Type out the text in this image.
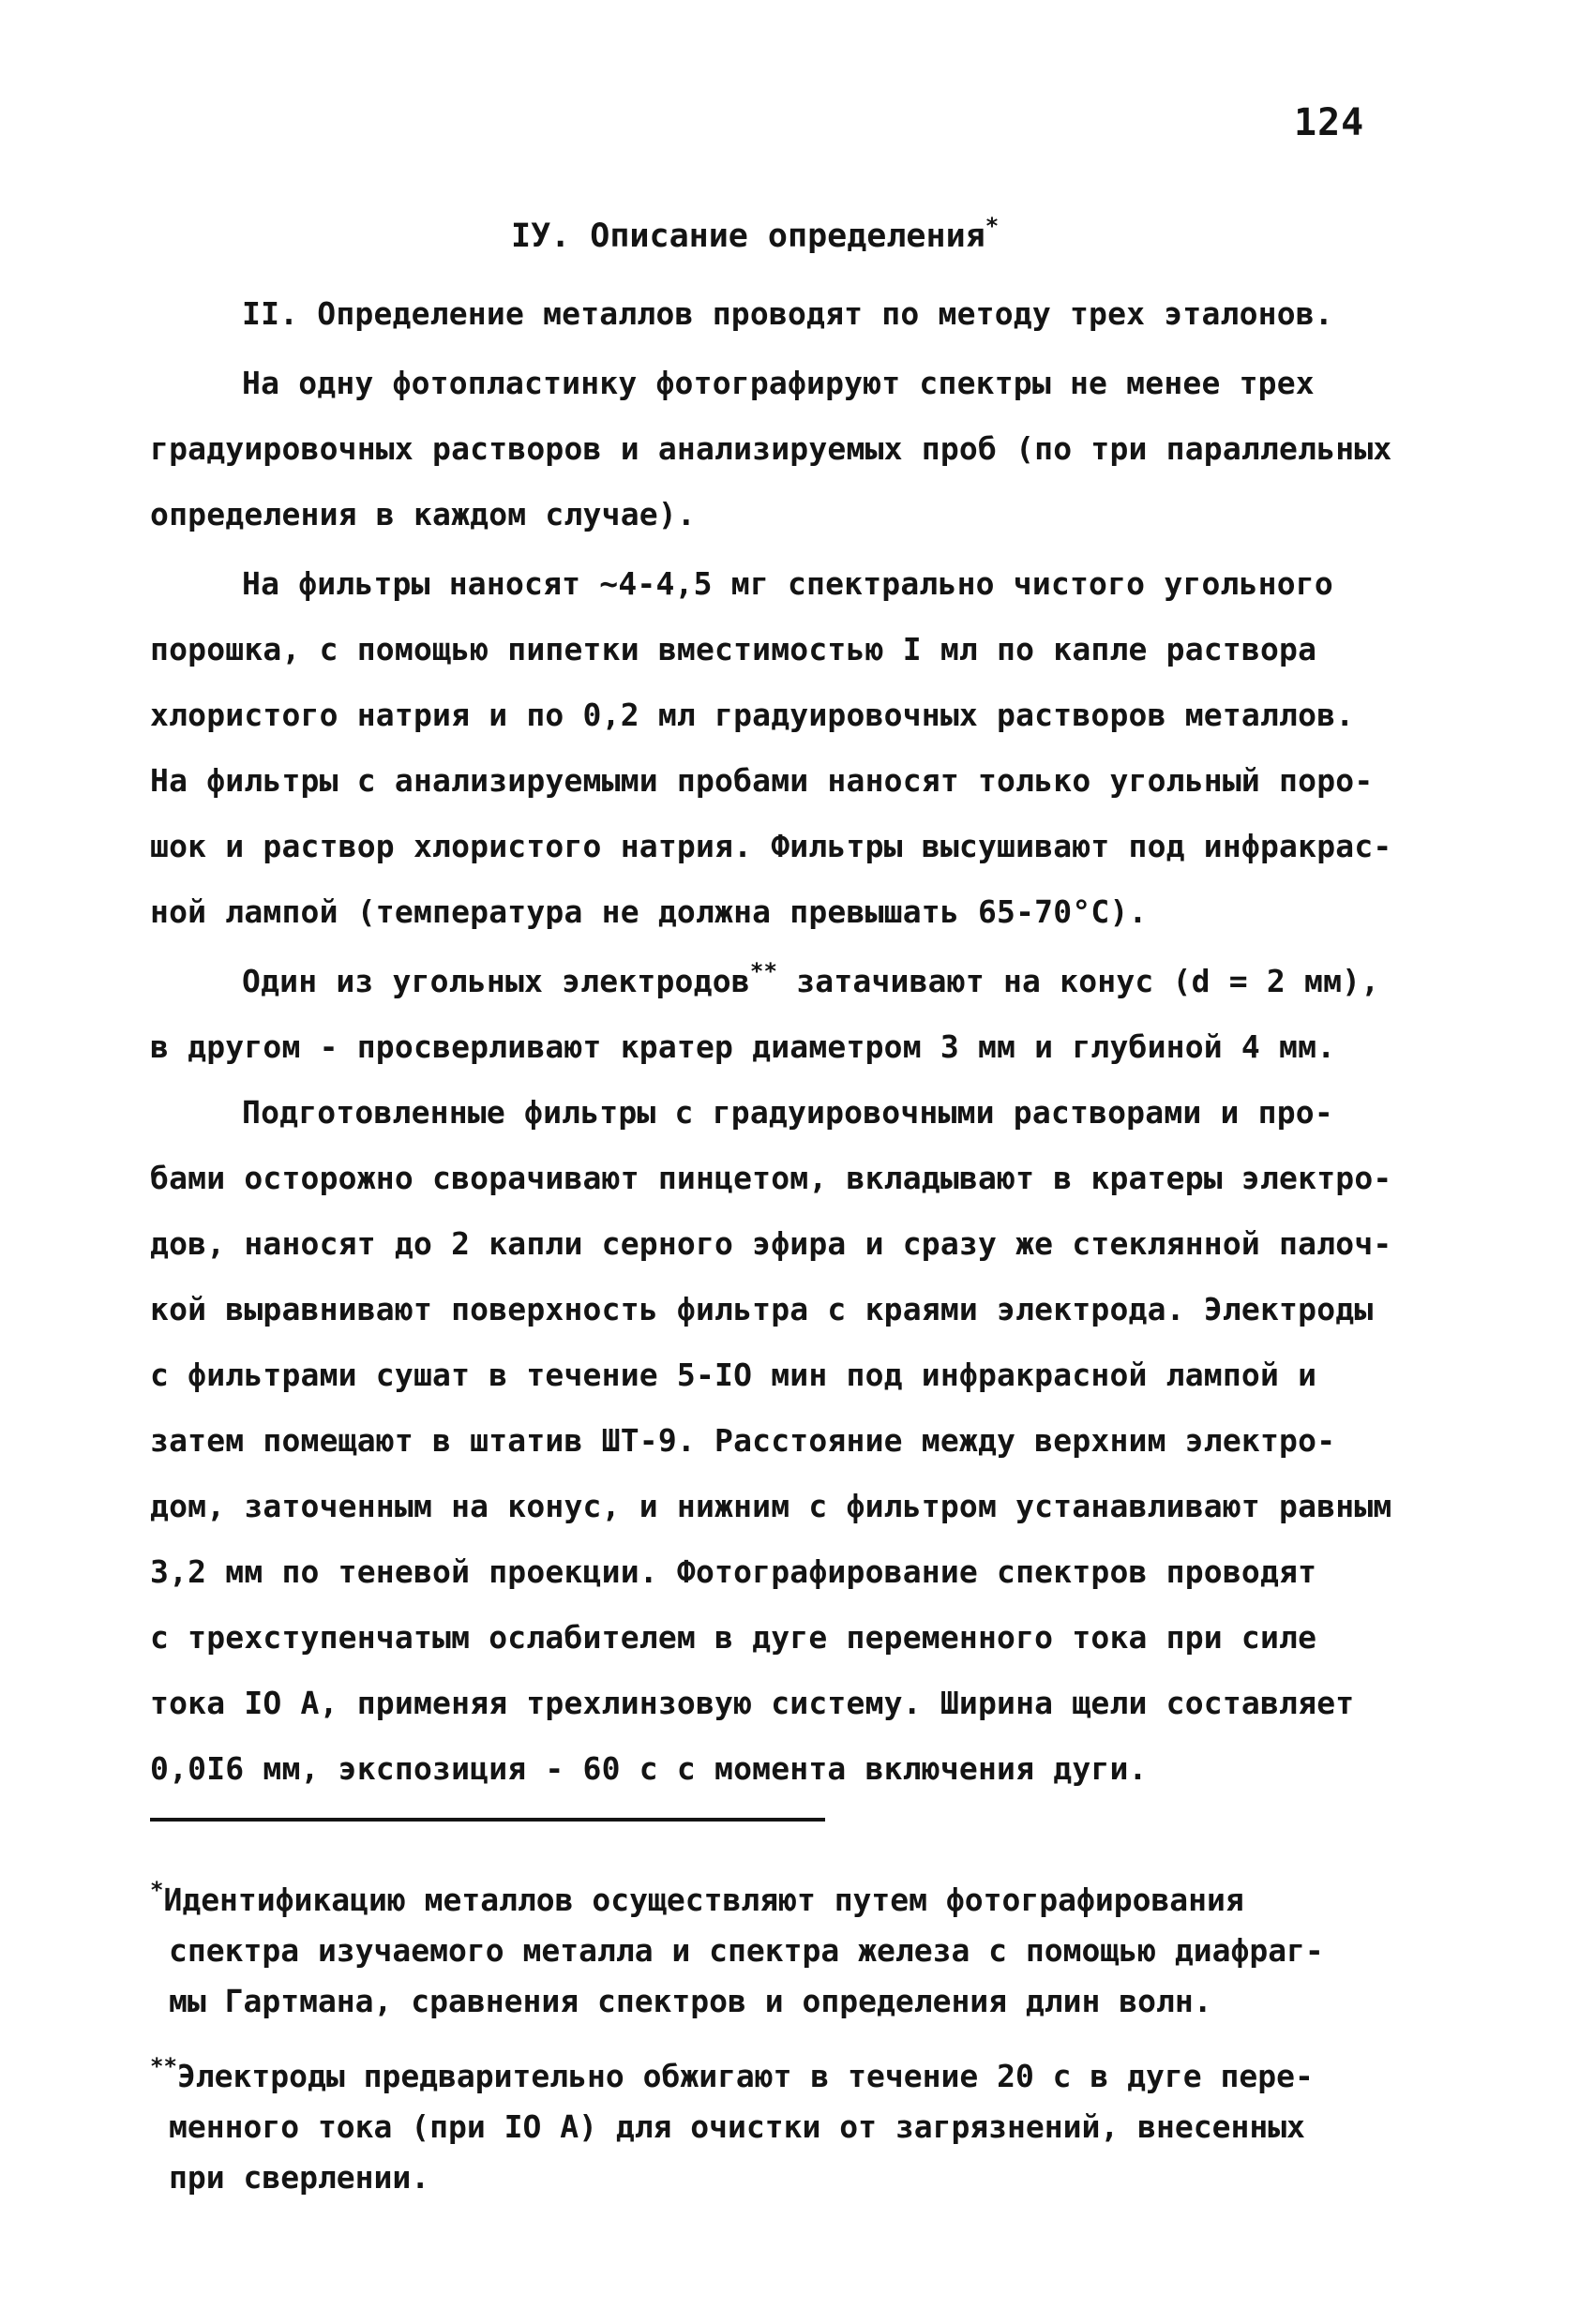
124
IУ. Описание определения*
II. Определение металлов проводят по методу трех эталонов.
На одну фотопластинку фотографируют спектры не менее трех
градуировочных растворов и анализируемых проб (по три параллельных
определения в каждом случае).
На фильтры наносят ~4-4,5 мг спектрально чистого угольного
порошка, с помощью пипетки вместимостью I мл по капле раствора
хлористого натрия и по 0,2 мл градуировочных растворов металлов.
На фильтры с анализируемыми пробами наносят только угольный поро-
шок и раствор хлористого натрия. Фильтры высушивают под инфракрас-
ной лампой (температура не должна превышать 65-70°С).
Один из угольных электродов** затачивают на конус (d = 2 мм),
в другом - просверливают кратер диаметром 3 мм и глубиной 4 мм.
Подготовленные фильтры с градуировочными растворами и про-
бами осторожно сворачивают пинцетом, вкладывают в кратеры электро-
дов, наносят до 2 капли серного эфира и сразу же стеклянной палоч-
кой выравнивают поверхность фильтра с краями электрода. Электроды
с фильтрами сушат в течение 5-IO мин под инфракрасной лампой и
затем помещают в штатив ШТ-9. Расстояние между верхним электро-
дом, заточенным на конус, и нижним с фильтром устанавливают равным
3,2 мм по теневой проекции. Фотографирование спектров проводят
с трехступенчатым ослабителем в дуге переменного тока при силе
тока IO А, применяя трехлинзовую систему. Ширина щели составляет
0,0I6 мм, экспозиция - 60 с с момента включения дуги.
*Идентификацию металлов осуществляют путем фотографирования
спектра изучаемого металла и спектра железа с помощью диафраг-
мы Гартмана, сравнения спектров и определения длин волн.
**Электроды предварительно обжигают в течение 20 с в дуге пере-
менного тока (при IO А) для очистки от загрязнений, внесенных
при сверлении.
